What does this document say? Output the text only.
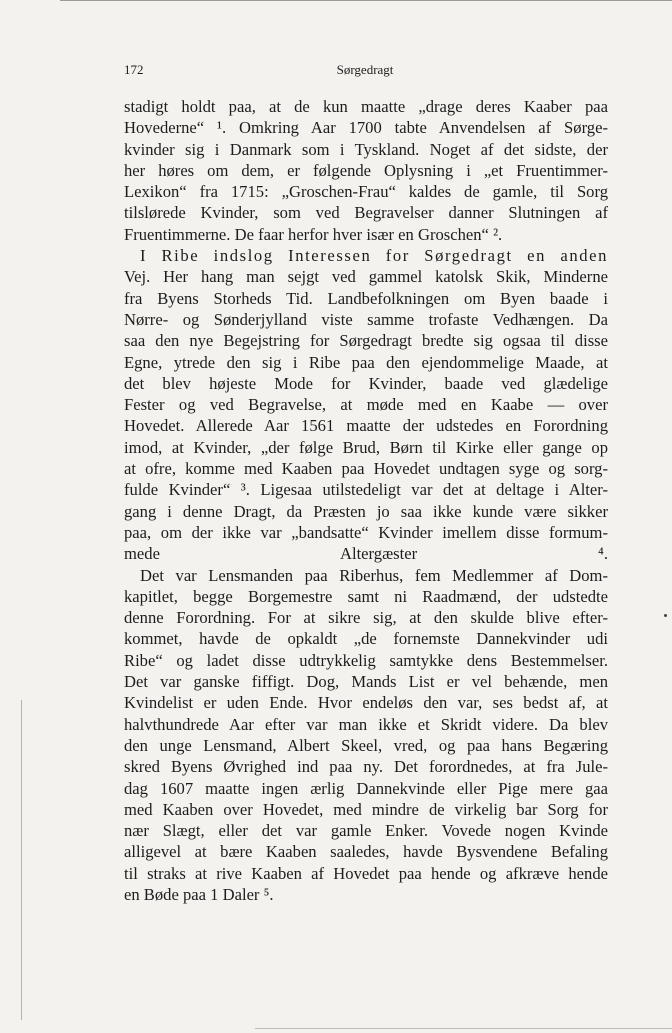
172	Sørgedragt
stadigt holdt paa, at de kun maatte „drage deres Kaaber paa
Hovederne“ ¹. Omkring Aar 1700 tabte Anvendelsen af Sørge-
kvinder sig i Danmark som i Tyskland. Noget af det sidste, der
her høres om dem, er følgende Oplysning i „et Fruentimmer-
Lexikon“ fra 1715: „Groschen-Frau“ kaldes de gamle, til Sorg
tilslørede Kvinder, som ved Begravelser danner Slutningen af
Fruentimmerne. De faar herfor hver især en Groschen“ ².
I Ribe indslog Interessen for Sørgedragt en anden
Vej. Her hang man sejgt ved gammel katolsk Skik, Minderne
fra Byens Storheds Tid. Landbefolkningen om Byen baade i
Nørre- og Sønderjylland viste samme trofaste Vedhængen. Da
saa den nye Begejstring for Sørgedragt bredte sig ogsaa til disse
Egne, ytrede den sig i Ribe paa den ejendommelige Maade, at
det blev højeste Mode for Kvinder, baade ved glædelige
Fester og ved Begravelse, at møde med en Kaabe — over
Hovedet. Allerede Aar 1561 maatte der udstedes en Forordning
imod, at Kvinder, „der følge Brud, Børn til Kirke eller gange op
at ofre, komme med Kaaben paa Hovedet undtagen syge og sorg-
fulde Kvinder“ ³. Ligesaa utilstedeligt var det at deltage i Alter-
gang i denne Dragt, da Præsten jo saa ikke kunde være sikker
paa, om der ikke var „bandsatte“ Kvinder imellem disse formum-
mede Altergæster ⁴.
Det var Lensmanden paa Riberhus, fem Medlemmer af Dom-
kapitlet, begge Borgemestre samt ni Raadmænd, der udstedte
denne Forordning. For at sikre sig, at den skulde blive efter-
kommet, havde de opkaldt „de fornemste Dannekvinder udi
Ribe“ og ladet disse udtrykkelig samtykke dens Bestemmelser.
Det var ganske fiffigt. Dog, Mands List er vel behænde, men
Kvindelist er uden Ende. Hvor endeløs den var, ses bedst af, at
halvthundrede Aar efter var man ikke et Skridt videre. Da blev
den unge Lensmand, Albert Skeel, vred, og paa hans Begæring
skred Byens Øvrighed ind paa ny. Det forordnedes, at fra Jule-
dag 1607 maatte ingen ærlig Dannekvinde eller Pige mere gaa
med Kaaben over Hovedet, med mindre de virkelig bar Sorg for
nær Slægt, eller det var gamle Enker. Vovede nogen Kvinde
alligevel at bære Kaaben saaledes, havde Bysvendene Befaling
til straks at rive Kaaben af Hovedet paa hende og afkræve hende
en Bøde paa 1 Daler ⁵.
